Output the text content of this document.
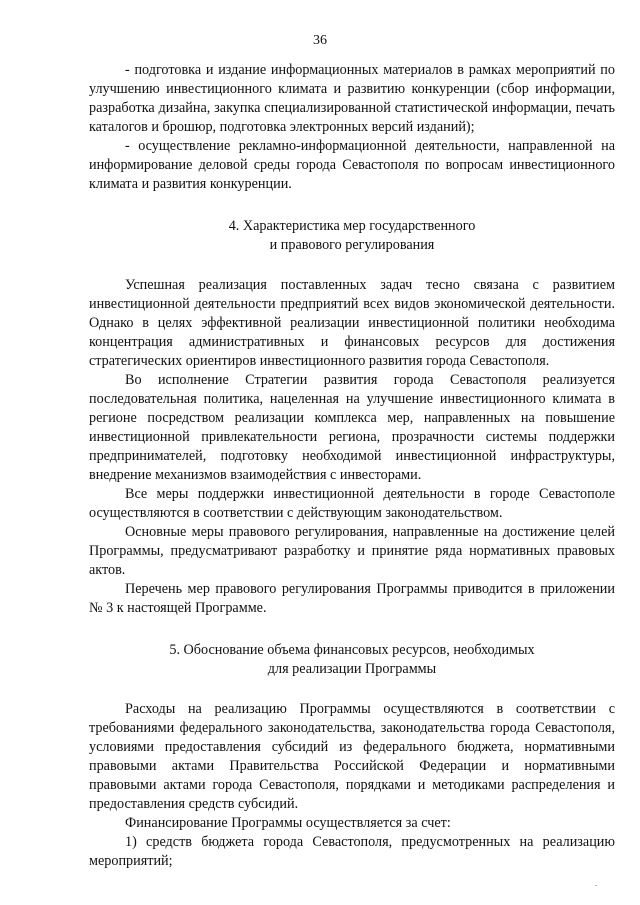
36

- подготовка и издание информационных материалов в рамках мероприятий по улучшению инвестиционного климата и развитию конкуренции (сбор информации, разработка дизайна, закупка специализированной статистической информации, печать каталогов и брошюр, подготовка электронных версий изданий);

- осуществление рекламно-информационной деятельности, направленной на информирование деловой среды города Севастополя по вопросам инвестиционного климата и развития конкуренции.

4. Характеристика мер государственного
и правового регулирования

Успешная реализация поставленных задач тесно связана с развитием инвестиционной деятельности предприятий всех видов экономической деятельности. Однако в целях эффективной реализации инвестиционной политики необходима концентрация административных и финансовых ресурсов для достижения стратегических ориентиров инвестиционного развития города Севастополя.

Во исполнение Стратегии развития города Севастополя реализуется последовательная политика, нацеленная на улучшение инвестиционного климата в регионе посредством реализации комплекса мер, направленных на повышение инвестиционной привлекательности региона, прозрачности системы поддержки предпринимателей, подготовку необходимой инвестиционной инфраструктуры, внедрение механизмов взаимодействия с инвесторами.

Все меры поддержки инвестиционной деятельности в городе Севастополе осуществляются в соответствии с действующим законодательством.

Основные меры правового регулирования, направленные на достижение целей Программы, предусматривают разработку и принятие ряда нормативных правовых актов.

Перечень мер правового регулирования Программы приводится в приложении № 3 к настоящей Программе.

5. Обоснование объема финансовых ресурсов, необходимых
для реализации Программы

Расходы на реализацию Программы осуществляются в соответствии с требованиями федерального законодательства, законодательства города Севастополя, условиями предоставления субсидий из федерального бюджета, нормативными правовыми актами Правительства Российской Федерации и нормативными правовыми актами города Севастополя, порядками и методиками распределения и предоставления средств субсидий.

Финансирование Программы осуществляется за счет:

1) средств бюджета города Севастополя, предусмотренных на реализацию мероприятий;

.
